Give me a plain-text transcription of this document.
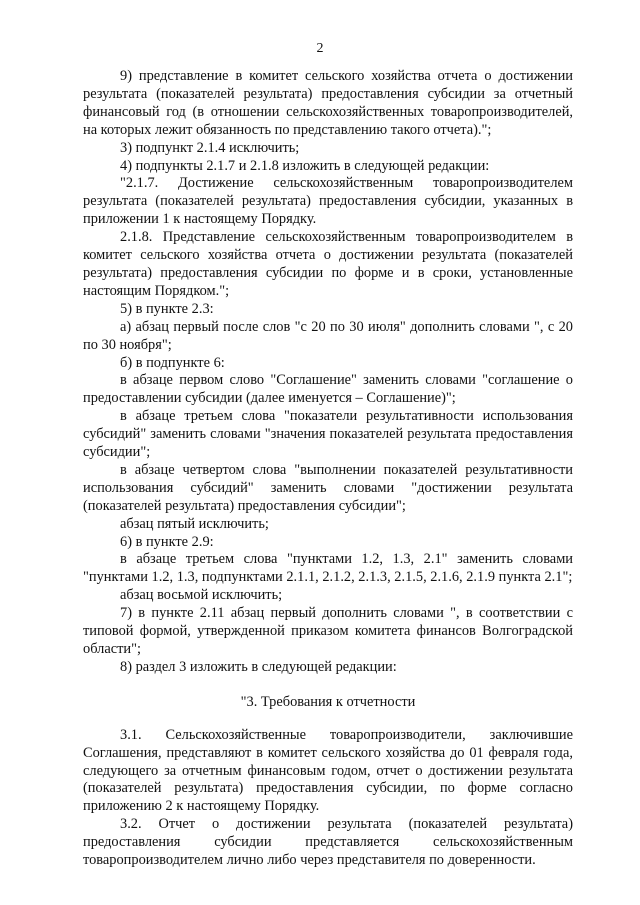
2

9) представление в комитет сельского хозяйства отчета о достижении результата (показателей результата) предоставления субсидии за отчетный финансовый год (в отношении сельскохозяйственных товаропроизводителей, на которых лежит обязанность по представлению такого отчета).";

3) подпункт 2.1.4 исключить;

4) подпункты 2.1.7 и 2.1.8 изложить в следующей редакции:

"2.1.7. Достижение сельскохозяйственным товаропроизводителем результата (показателей результата) предоставления субсидии, указанных в приложении 1 к настоящему Порядку.

2.1.8. Представление сельскохозяйственным товаропроизводителем в комитет сельского хозяйства отчета о достижении результата (показателей результата) предоставления субсидии по форме и в сроки, установленные настоящим Порядком.";

5) в пункте 2.3:

а) абзац первый после слов "с 20 по 30 июля" дополнить словами ", с 20 по 30 ноября";

б) в подпункте 6:

в абзаце первом слово "Соглашение" заменить словами "соглашение о предоставлении субсидии (далее именуется – Соглашение)";

в абзаце третьем слова "показатели результативности использования субсидий" заменить словами "значения показателей результата предоставления субсидии";

в абзаце четвертом слова "выполнении показателей результативности использования субсидий" заменить словами "достижении результата (показателей результата) предоставления субсидии";

абзац пятый исключить;

6) в пункте 2.9:

в абзаце третьем слова "пунктами 1.2, 1.3, 2.1" заменить словами "пунктами 1.2, 1.3, подпунктами 2.1.1, 2.1.2, 2.1.3, 2.1.5, 2.1.6, 2.1.9 пункта 2.1";

абзац восьмой исключить;

7) в пункте 2.11 абзац первый дополнить словами ", в соответствии с типовой формой, утвержденной приказом комитета финансов Волгоградской области";

8) раздел 3 изложить в следующей редакции:

"3. Требования к отчетности

3.1. Сельскохозяйственные товаропроизводители, заключившие Соглашения, представляют в комитет сельского хозяйства до 01 февраля года, следующего за отчетным финансовым годом, отчет о достижении результата (показателей результата) предоставления субсидии, по форме согласно приложению 2 к настоящему Порядку.

3.2. Отчет о достижении результата (показателей результата) предоставления субсидии представляется сельскохозяйственным товаропроизводителем лично либо через представителя по доверенности.
